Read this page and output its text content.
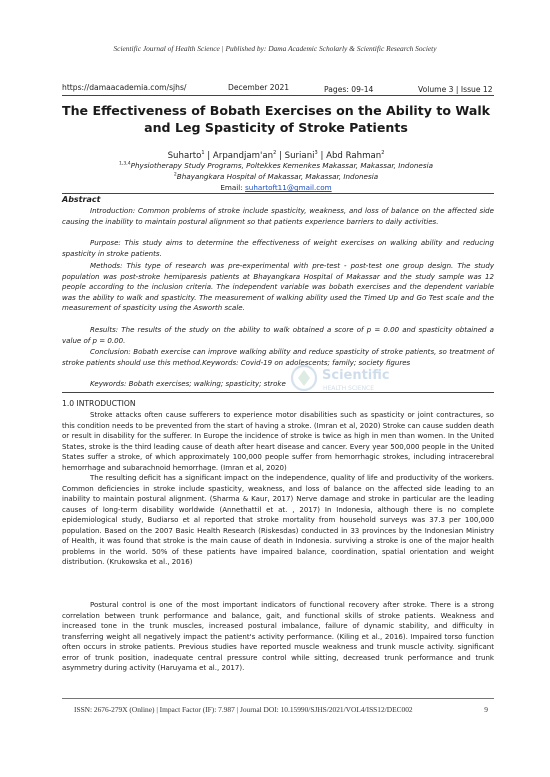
Scientific Journal of Health Science | Published by: Dama Academic Scholarly & Scientific Research Society
https://damaacademia.com/sjhs/	December 2021	Pages: 09-14	Volume 3 | Issue 12
The Effectiveness of Bobath Exercises on the Ability to Walk and Leg Spasticity of Stroke Patients
Suharto$^1$ | $Arpandjam'an^2$ | Suriani$^3$ | Abd Rahman$^2$
$^{1,3,4}$Physiotherapy Study Programs, Poltekkes Kemenkes Makassar, Makassar, Indonesia
$^2$Bhayangkara Hospital of Makassar, Makassar, Indonesia
Email: suhartoft11@gmail.com
Abstract

Introduction: Common problems of stroke include spasticity, weakness, and loss of balance on the affected side causing the inability to maintain postural alignment so that patients experience barriers to daily activities.

Purpose: This study aims to determine the effectiveness of weight exercises on walking ability and reducing spasticity in stroke patients.

Methods: This type of research was pre-experimental with pre-test - post-test one group design. The study population was post-stroke hemiparesis patients at Bhayangkara Hospital of Makassar and the study sample was 12 people according to the inclusion criteria. The independent variable was bobath exercises and the dependent variable was the ability to walk and spasticity. The measurement of walking ability used the Timed Up and Go Test scale and the measurement of spasticity using the Asworth scale.

Results: The results of the study on the ability to walk obtained a score of p = 0.00 and spasticity obtained a value of p = 0.00.

Conclusion: Bobath exercise can improve walking ability and reduce spasticity of stroke patients, so treatment of stroke patients should use this method.Keywords: Covid-19 on adolescents; family; society figures

Keywords: Bobath exercises; walking; spasticity; stroke

Scientific
HEALTH SCIENCE
1.0 INTRODUCTION

Stroke attacks often cause sufferers to experience motor disabilities such as spasticity or joint contractures, so this condition needs to be prevented from the start of having a stroke. (Imran et al, 2020) Stroke can cause sudden death or result in disability for the sufferer. In Europe the incidence of stroke is twice as high in men than women. In the United States, stroke is the third leading cause of death after heart disease and cancer. Every year 500,000 people in the United States suffer a stroke, of which approximately 100,000 people suffer from hemorrhagic strokes, including intracerebral hemorrhage and subarachnoid hemorrhage. (Imran et al, 2020)

The resulting deficit has a significant impact on the independence, quality of life and productivity of the workers. Common deficiencies in stroke include spasticity, weakness, and loss of balance on the affected side leading to an inability to maintain postural alignment. (Sharma & Kaur, 2017) Nerve damage and stroke in particular are the leading causes of long-term disability worldwide (Annethattil et at. , 2017) In Indonesia, although there is no complete epidemiological study, Budiarso et al reported that stroke mortality from household surveys was 37.3 per 100,000 population. Based on the 2007 Basic Health Research (Riskesdas) conducted in 33 provinces by the Indonesian Ministry of Health, it was found that stroke is the main cause of death in Indonesia. surviving a stroke is one of the major health problems in the world. 50% of these patients have impaired balance, coordination, spatial orientation and weight distribution. (Krukowska et al., 2016)

Postural control is one of the most important indicators of functional recovery after stroke. There is a strong correlation between trunk performance and balance, gait, and functional skills of stroke patients. Weakness and increased tone in the trunk muscles, increased postural imbalance, failure of dynamic stability, and difficulty in transferring weight all negatively impact the patient's activity performance. (Kiling et al., 2016). Impaired torso function often occurs in stroke patients. Previous studies have reported muscle weakness and trunk muscle activity. significant error of trunk position, inadequate central pressure control while sitting, decreased trunk performance and trunk asymmetry during activity (Haruyama et al., 2017).

ISSN: 2676-279X (Online) | Impact Factor (IF): 7.987 | Journal DOI: 10.15990/SJHS/2021/VOL4/ISS12/DEC002	9
